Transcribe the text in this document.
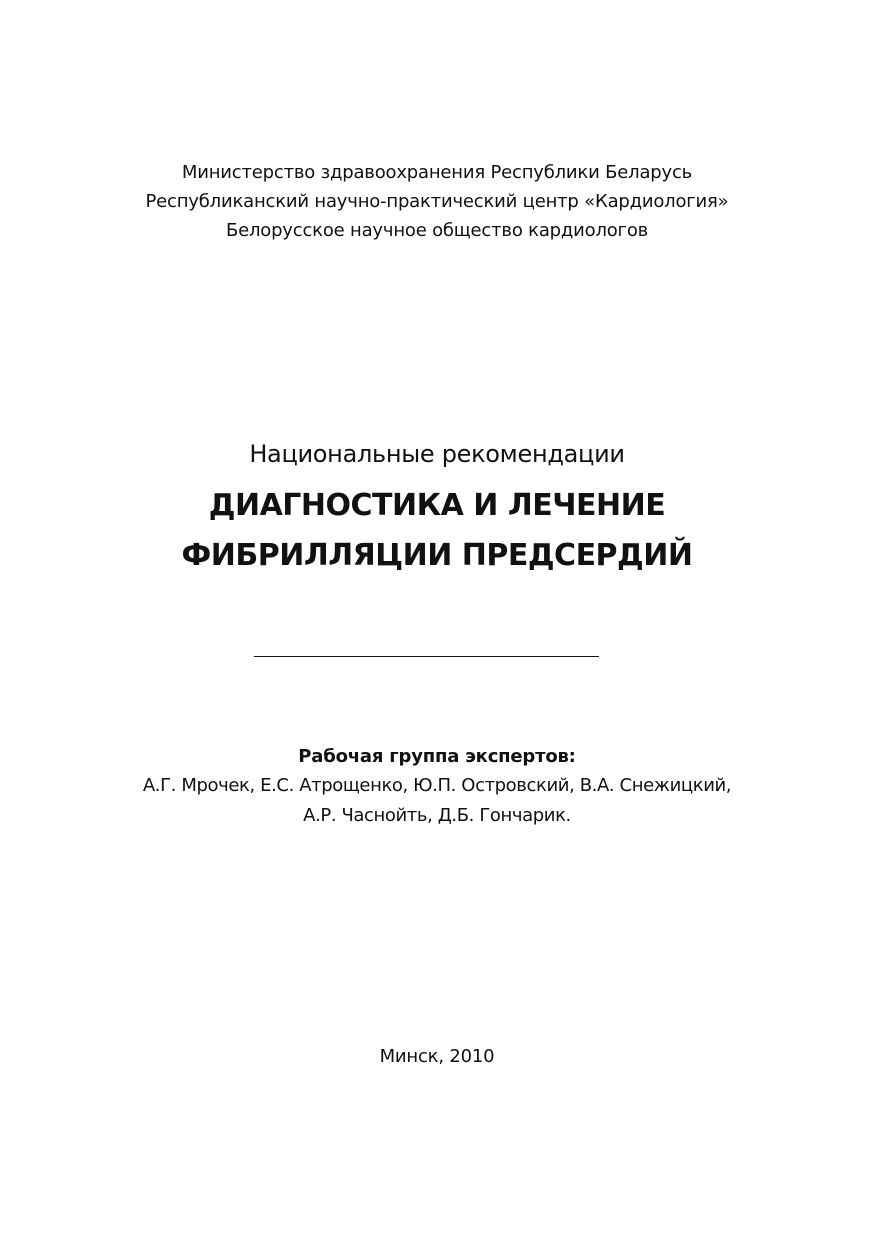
Министерство здравоохранения Республики Беларусь
Республиканский научно-практический центр «Кардиология»
Белорусское научное общество кардиологов
Национальные рекомендации
ДИАГНОСТИКА И ЛЕЧЕНИЕ
ФИБРИЛЛЯЦИИ ПРЕДСЕРДИЙ
Рабочая группа экспертов:
А.Г. Мрочек, Е.С. Атрощенко, Ю.П. Островский, В.А. Снежицкий,
А.Р. Часнойть, Д.Б. Гончарик.
Минск, 2010
